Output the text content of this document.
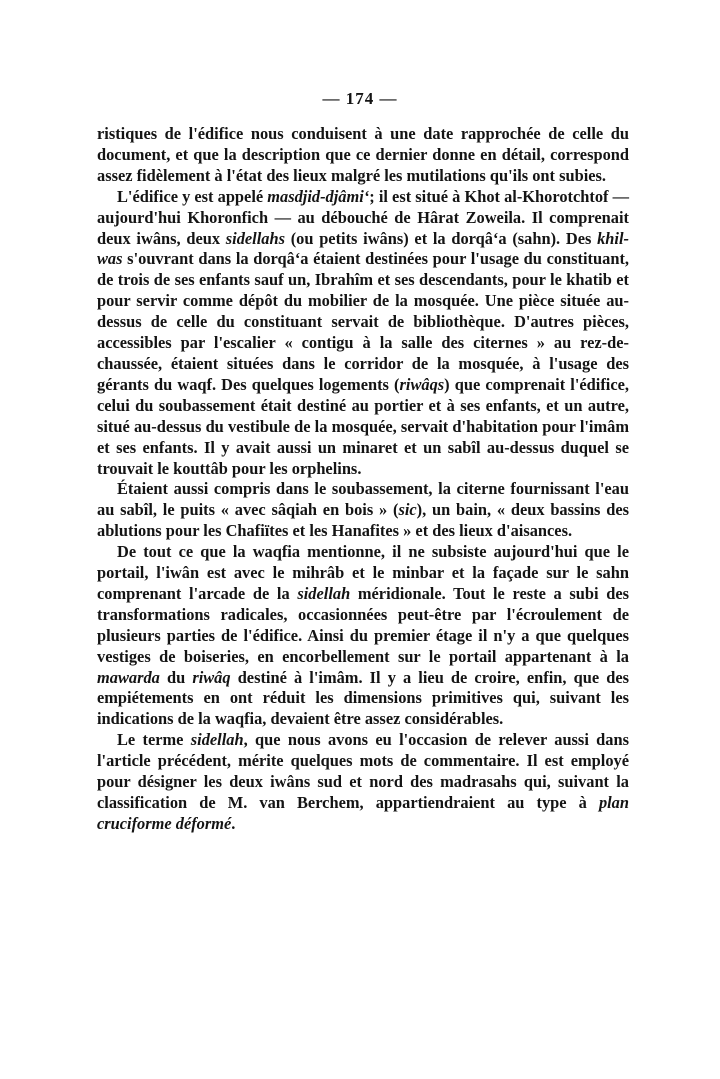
— 174 —

ristiques de l'édifice nous conduisent à une date rapprochée de celle du document, et que la description que ce dernier donne en détail, correspond assez fidèlement à l'état des lieux malgré les mutilations qu'ils ont subies.

L'édifice y est appelé masdjid-djâmi‘; il est situé à Khot al-Khorotchtof — aujourd'hui Khoronfich — au débouché de Hârat Zoweila. Il comprenait deux iwâns, deux sidellahs (ou petits iwâns) et la dorqâ‘a (sahn). Des khil-was s'ouvrant dans la dorqâ‘a étaient destinées pour l'usage du constituant, de trois de ses enfants sauf un, Ibrahîm et ses descendants, pour le khatib et pour servir comme dépôt du mobilier de la mosquée. Une pièce située au-dessus de celle du constituant servait de bibliothèque. D'autres pièces, accessibles par l'escalier « contigu à la salle des citernes » au rez-de-chaussée, étaient situées dans le corridor de la mosquée, à l'usage des gérants du waqf. Des quelques logements (riwâqs) que comprenait l'édifice, celui du soubassement était destiné au portier et à ses enfants, et un autre, situé au-dessus du vestibule de la mosquée, servait d'habitation pour l'imâm et ses enfants. Il y avait aussi un minaret et un sabîl au-dessus duquel se trouvait le kouttâb pour les orphelins.

Étaient aussi compris dans le soubassement, la citerne fournissant l'eau au sabîl, le puits « avec sâqiah en bois » (sic), un bain, « deux bassins des ablutions pour les Chafiïtes et les Hanafites » et des lieux d'aisances.

De tout ce que la waqfia mentionne, il ne subsiste aujourd'hui que le portail, l'iwân est avec le mihrâb et le minbar et la façade sur le sahn comprenant l'arcade de la sidellah méridionale. Tout le reste a subi des transformations radicales, occasionnées peut-être par l'écroulement de plusieurs parties de l'édifice. Ainsi du premier étage il n'y a que quelques vestiges de boiseries, en encorbellement sur le portail appartenant à la mawarda du riwâq destiné à l'imâm. Il y a lieu de croire, enfin, que des empiétements en ont réduit les dimensions primitives qui, suivant les indications de la waqfia, devaient être assez considérables.

Le terme sidellah, que nous avons eu l'occasion de relever aussi dans l'article précédent, mérite quelques mots de commentaire. Il est employé pour désigner les deux iwâns sud et nord des madrasahs qui, suivant la classification de M. van Berchem, appartiendraient au type à plan cruciforme déformé.
